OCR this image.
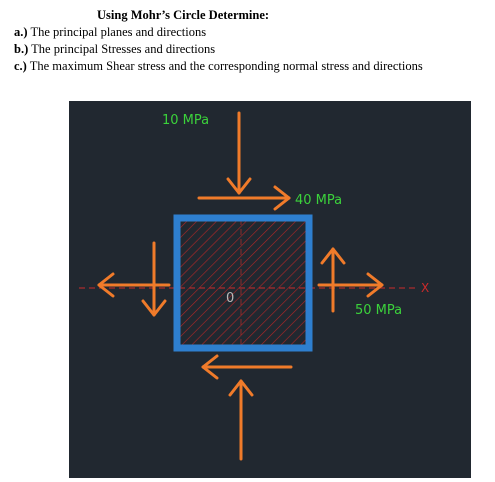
Using Mohr’s Circle Determine:
a.) The principal planes and directions
b.) The principal Stresses and directions
c.) The maximum Shear stress and the corresponding normal stress and directions
X
0
10 MPa
40 MPa
50 MPa
